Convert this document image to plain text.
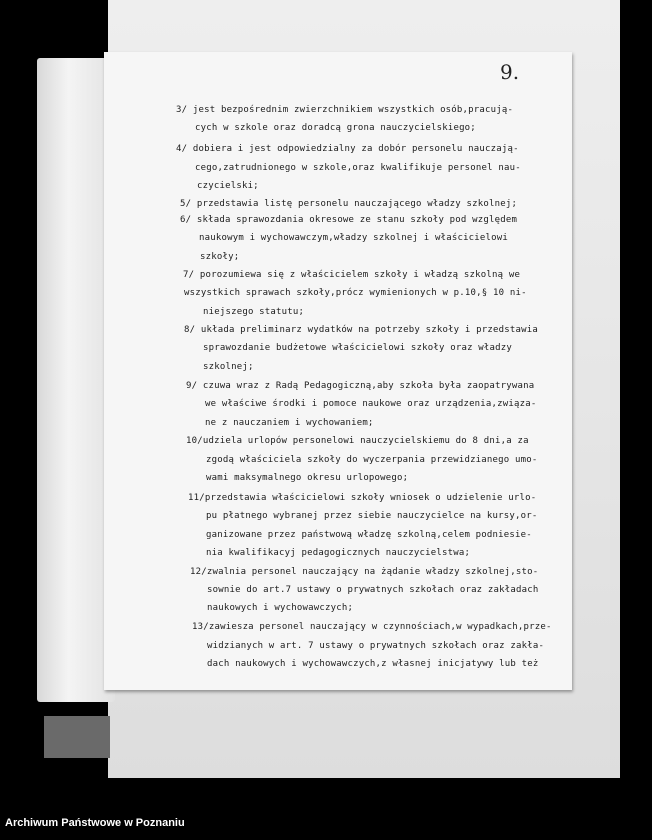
9.
3/ jest bezpośrednim zwierzchnikiem wszystkich osób,pracują-
cych w szkole oraz doradcą grona nauczycielskiego;
4/ dobiera i jest odpowiedzialny za dobór personelu nauczają-
cego,zatrudnionego w szkole,oraz kwalifikuje personel nau-
czycielski;
5/ przedstawia listę personelu nauczającego władzy szkolnej;
6/ składa sprawozdania okresowe ze stanu szkoły pod względem
naukowym i wychowawczym,władzy szkolnej i właścicielowi
szkoły;
7/ porozumiewa się z właścicielem szkoły i władzą szkolną we
wszystkich sprawach szkoły,prócz wymienionych w p.10,§ 10 ni-
niejszego statutu;
8/ układa preliminarz wydatków na potrzeby szkoły i przedstawia
sprawozdanie budżetowe właścicielowi szkoły oraz władzy
szkolnej;
9/ czuwa wraz z Radą Pedagogiczną,aby szkoła była zaopatrywana
we właściwe środki i pomoce naukowe oraz urządzenia,związa-
ne z nauczaniem i wychowaniem;
10/udziela urlopów personelowi nauczycielskiemu do 8 dni,a za
zgodą właściciela szkoły do wyczerpania przewidzianego umo-
wami maksymalnego okresu urlopowego;
11/przedstawia właścicielowi szkoły wniosek o udzielenie urlo-
pu płatnego wybranej przez siebie nauczycielce na kursy,or-
ganizowane przez państwową władzę szkolną,celem podniesie-
nia kwalifikacyj pedagogicznych nauczycielstwa;
12/zwalnia personel nauczający na żądanie władzy szkolnej,sto-
sownie do art.7 ustawy o prywatnych szkołach oraz zakładach
naukowych i wychowawczych;
13/zawiesza personel nauczający w czynnościach,w wypadkach,prze-
widzianych w art. 7 ustawy o prywatnych szkołach oraz zakła-
dach naukowych i wychowawczych,z własnej inicjatywy lub też
Archiwum Państwowe w Poznaniu
